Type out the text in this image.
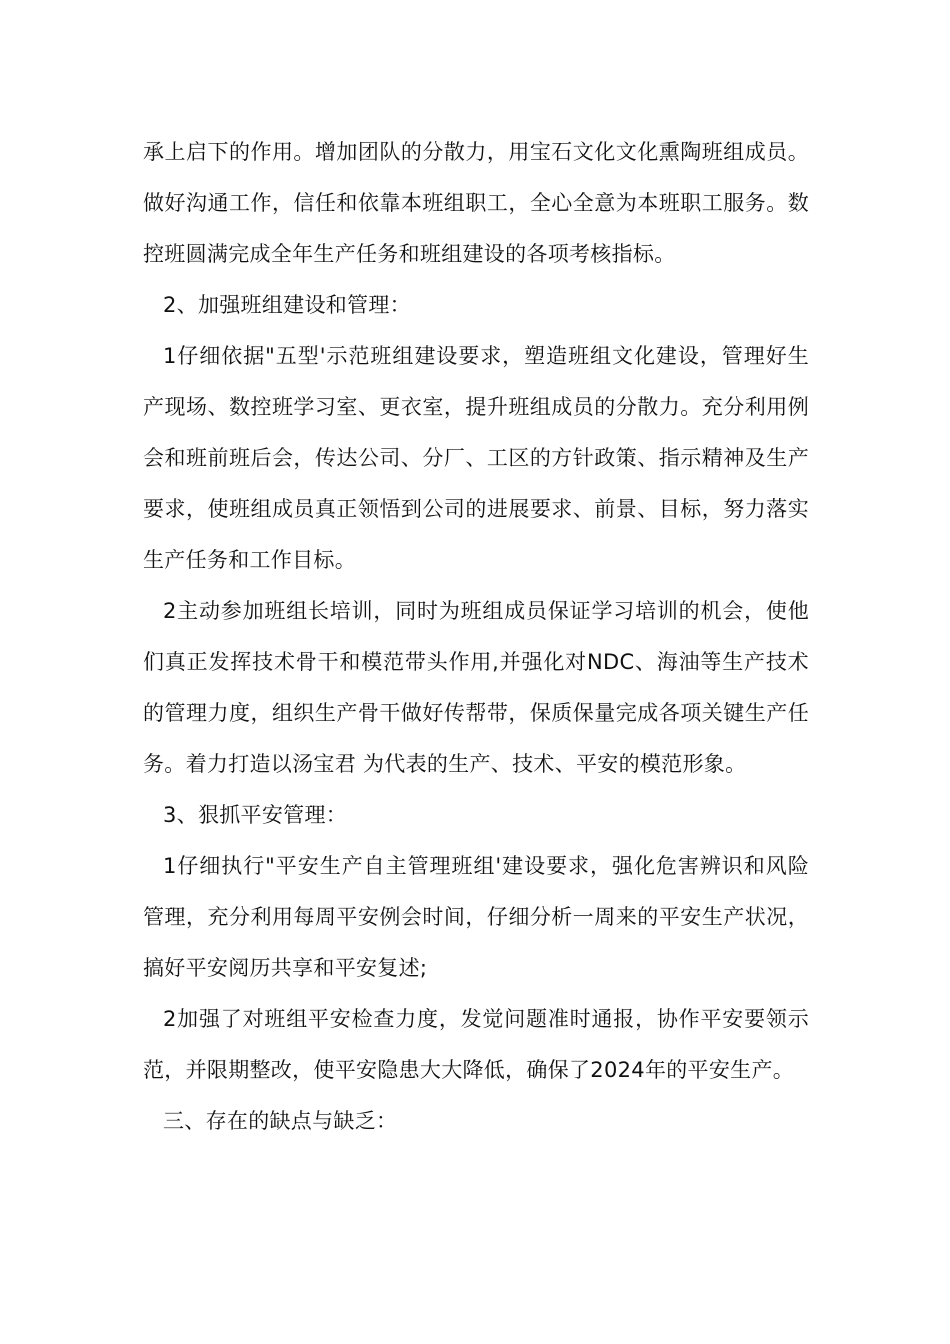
承上启下的作用。增加团队的分散力，用宝石文化文化熏陶班组成员。做好沟通工作，信任和依靠本班组职工，全心全意为本班职工服务。数控班圆满完成全年生产任务和班组建设的各项考核指标。

2、加强班组建设和管理：

1仔细依据"五型'示范班组建设要求，塑造班组文化建设，管理好生产现场、数控班学习室、更衣室，提升班组成员的分散力。充分利用例会和班前班后会，传达公司、分厂、工区的方针政策、指示精神及生产要求，使班组成员真正领悟到公司的进展要求、前景、目标，努力落实生产任务和工作目标。

2主动参加班组长培训，同时为班组成员保证学习培训的机会，使他们真正发挥技术骨干和模范带头作用,并强化对NDC、海油等生产技术的管理力度，组织生产骨干做好传帮带，保质保量完成各项关键生产任务。着力打造以汤宝君 为代表的生产、技术、平安的模范形象。

3、狠抓平安管理：

1仔细执行"平安生产自主管理班组'建设要求，强化危害辨识和风险管理，充分利用每周平安例会时间，仔细分析一周来的平安生产状况，搞好平安阅历共享和平安复述;

2加强了对班组平安检查力度，发觉问题准时通报，协作平安要领示范，并限期整改，使平安隐患大大降低，确保了2024年的平安生产。

三、存在的缺点与缺乏：
